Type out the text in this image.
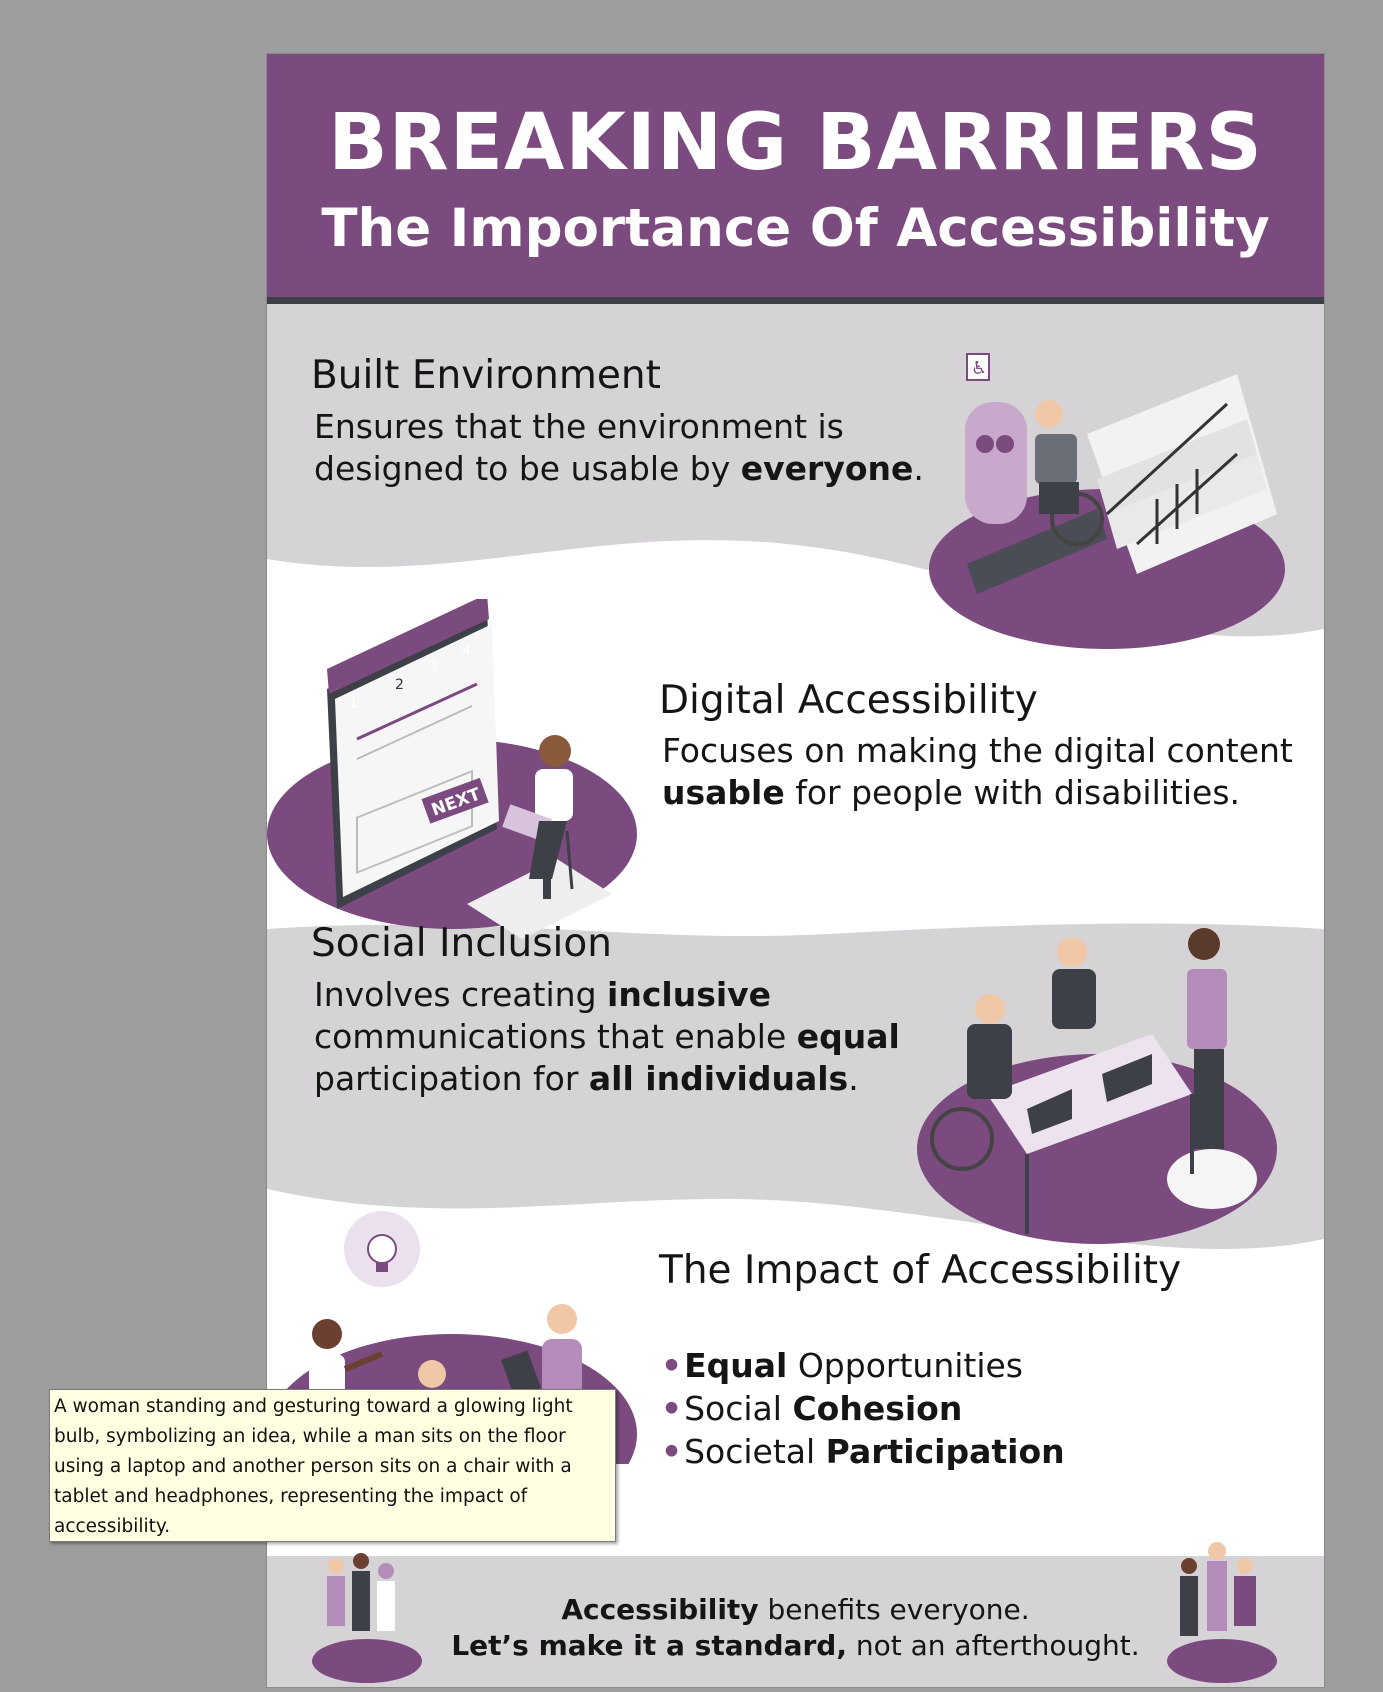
BREAKING BARRIERS
The Importance Of Accessibility
Built Environment
Ensures that the environment is
designed to be usable by everyone.
♿
1
2
3
4
NEXT
Digital Accessibility
Focuses on making the digital content
usable for people with disabilities.
Social Inclusion
Involves creating inclusive
communications that enable equal
participation for all individuals.
The Impact of Accessibility
•Equal Opportunities
•Social Cohesion
•Societal Participation
Accessibility benefits everyone.
Let’s make it a standard, not an afterthought.
A woman standing and gesturing toward a glowing light bulb, symbolizing an idea, while a man sits on the floor using a laptop and another person sits on a chair with a tablet and headphones, representing the impact of accessibility.
